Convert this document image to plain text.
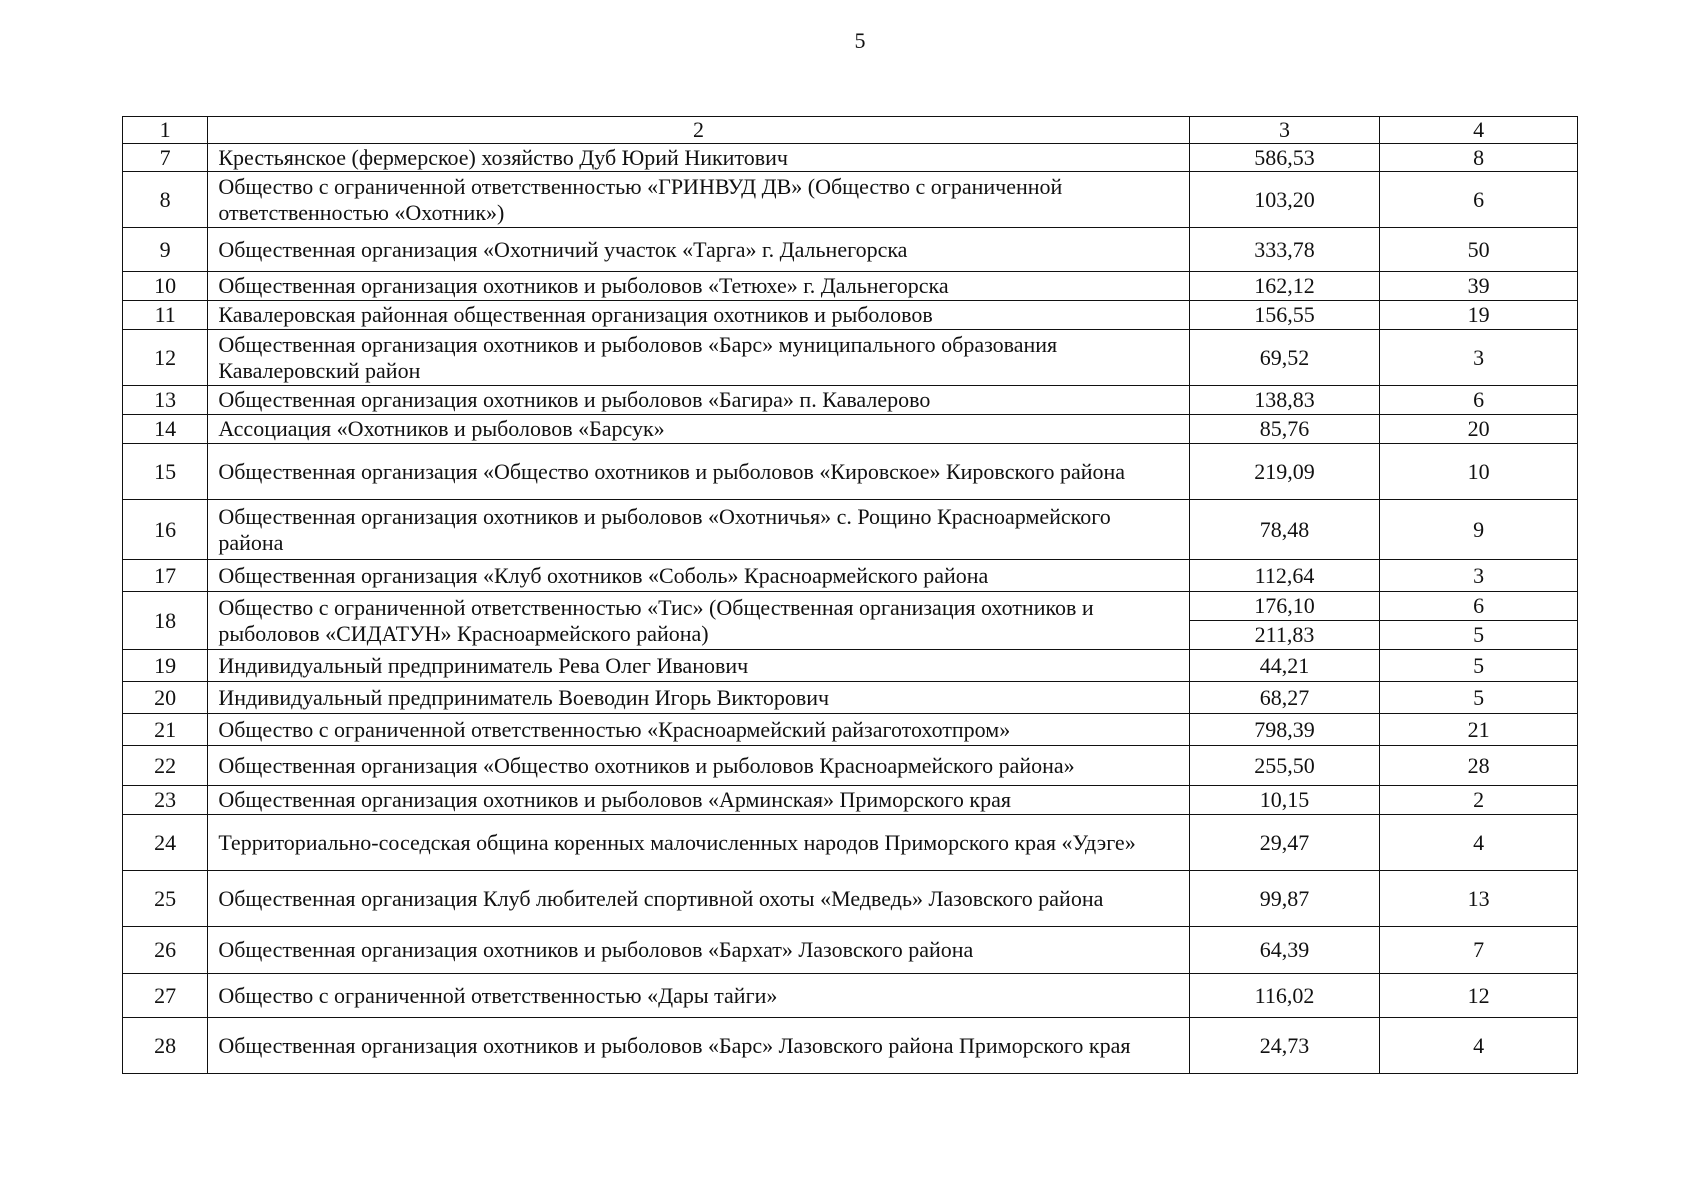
5
1	2	3	4
7	Крестьянское (фермерское) хозяйство Дуб Юрий Никитович	586,53	8
8	Общество с ограниченной ответственностью «ГРИНВУД ДВ» (Общество с ограниченной ответственностью «Охотник»)	103,20	6
9	Общественная организация «Охотничий участок «Тарга» г. Дальнегорска	333,78	50
10	Общественная организация охотников и рыболовов «Тетюхе» г. Дальнегорска	162,12	39
11	Кавалеровская районная общественная организация охотников и рыболовов	156,55	19
12	Общественная организация охотников и рыболовов «Барс» муниципального образования Кавалеровский район	69,52	3
13	Общественная организация охотников и рыболовов «Багира» п. Кавалерово	138,83	6
14	Ассоциация «Охотников и рыболовов «Барсук»	85,76	20
15	Общественная организация «Общество охотников и рыболовов «Кировское» Кировского района	219,09	10
16	Общественная организация охотников и рыболовов «Охотничья» с. Рощино Красноармейского района	78,48	9
17	Общественная организация «Клуб охотников «Соболь» Красноармейского района	112,64	3
18	Общество с ограниченной ответственностью «Тис» (Общественная организация охотников и рыболовов «СИДАТУН» Красноармейского района)	176,10	6
		211,83	5
19	Индивидуальный предприниматель Рева Олег Иванович	44,21	5
20	Индивидуальный предприниматель Воеводин Игорь Викторович	68,27	5
21	Общество с ограниченной ответственностью «Красноармейский райзаготохотпром»	798,39	21
22	Общественная организация «Общество охотников и рыболовов Красноармейского района»	255,50	28
23	Общественная организация охотников и рыболовов «Арминская» Приморского края	10,15	2
24	Территориально-соседская община коренных малочисленных народов Приморского края «Удэге»	29,47	4
25	Общественная организация Клуб любителей спортивной охоты «Медведь» Лазовского района	99,87	13
26	Общественная организация охотников и рыболовов «Бархат» Лазовского района	64,39	7
27	Общество с ограниченной ответственностью «Дары тайги»	116,02	12
28	Общественная организация охотников и рыболовов «Барс» Лазовского района Приморского края	24,73	4
